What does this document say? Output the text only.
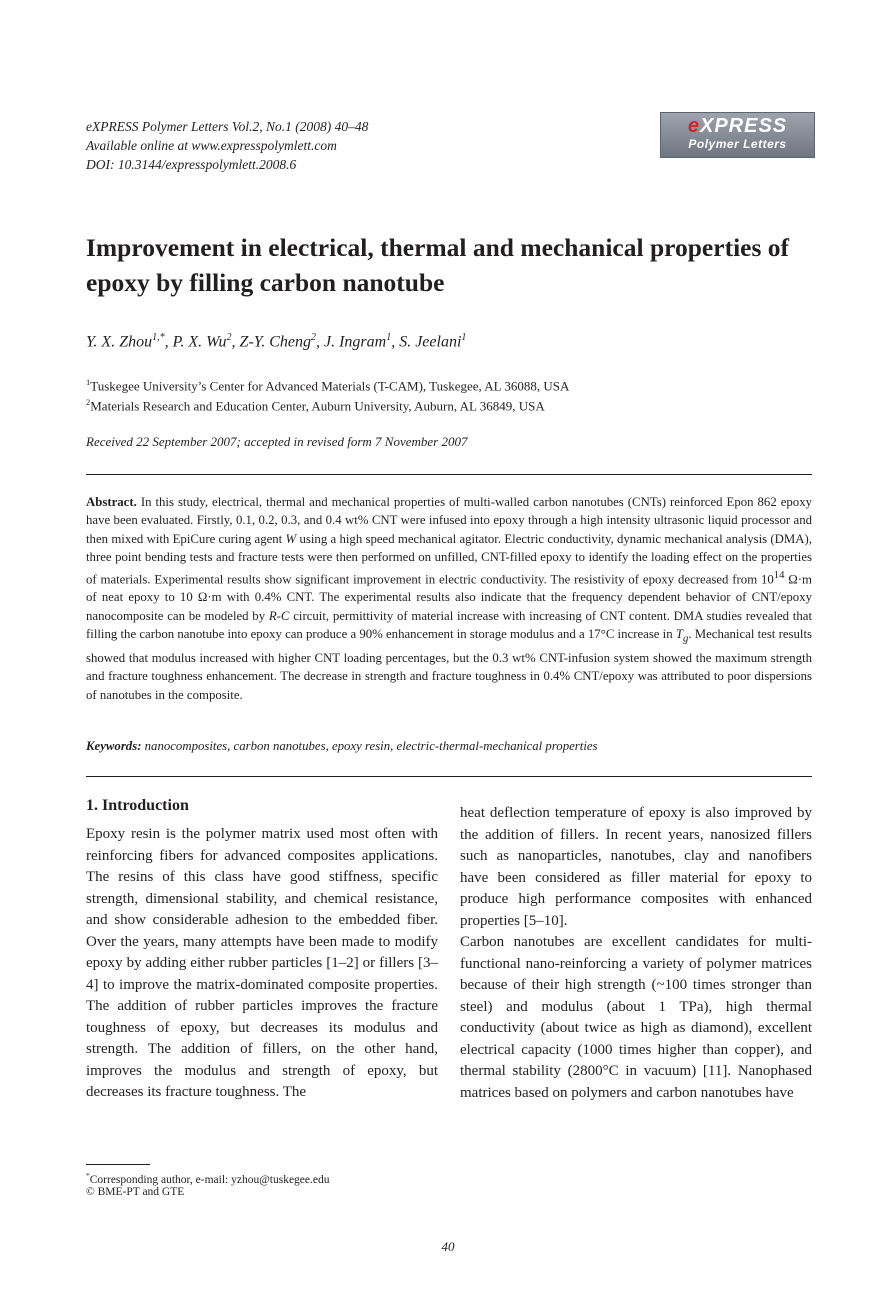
eXPRESS Polymer Letters Vol.2, No.1 (2008) 40–48
Available online at www.expresspolymlett.com
DOI: 10.3144/expresspolymlett.2008.6
eXPRESS
Polymer Letters
Improvement in electrical, thermal and mechanical properties of epoxy by filling carbon nanotube
Y. X. Zhou$^{1,*}$, P. X. Wu$^2$, Z-Y. Cheng$^2$, J. Ingram$^1$, S. Jeelani$^1$
$^1$Tuskegee University’s Center for Advanced Materials (T-CAM), Tuskegee, AL 36088, USA
$^2$Materials Research and Education Center, Auburn University, Auburn, AL 36849, USA
Received 22 September 2007; accepted in revised form 7 November 2007

Abstract. In this study, electrical, thermal and mechanical properties of multi-walled carbon nanotubes (CNTs) reinforced Epon 862 epoxy have been evaluated. Firstly, 0.1, 0.2, 0.3, and 0.4 wt% CNT were infused into epoxy through a high intensity ultrasonic liquid processor and then mixed with EpiCure curing agent W using a high speed mechanical agitator. Electric conductivity, dynamic mechanical analysis (DMA), three point bending tests and fracture tests were then performed on unfilled, CNT-filled epoxy to identify the loading effect on the properties of materials. Experimental results show significant improvement in electric conductivity. The resistivity of epoxy decreased from $10^{14}$ Ω·m of neat epoxy to 10 Ω·m with 0.4% CNT. The experimental results also indicate that the frequency dependent behavior of CNT/epoxy nanocomposite can be modeled by R-C circuit, permittivity of material increase with increasing of CNT content. DMA studies revealed that filling the carbon nanotube into epoxy can produce a 90% enhancement in storage modulus and a 17°C increase in $T_g$. Mechanical test results showed that modulus increased with higher CNT loading percentages, but the 0.3 wt% CNT-infusion system showed the maximum strength and fracture toughness enhancement. The decrease in strength and fracture toughness in 0.4% CNT/epoxy was attributed to poor dispersions of nanotubes in the composite.

Keywords: nanocomposites, carbon nanotubes, epoxy resin, electric-thermal-mechanical properties
1. Introduction

Epoxy resin is the polymer matrix used most often with reinforcing fibers for advanced composites applications. The resins of this class have good stiffness, specific strength, dimensional stability, and chemical resistance, and show considerable adhesion to the embedded fiber. Over the years, many attempts have been made to modify epoxy by adding either rubber particles [1–2] or fillers [3–4] to improve the matrix-dominated composite properties. The addition of rubber particles improves the fracture toughness of epoxy, but decreases its modulus and strength. The addition of fillers, on the other hand, improves the modulus and strength of epoxy, but decreases its fracture toughness. The

heat deflection temperature of epoxy is also improved by the addition of fillers. In recent years, nanosized fillers such as nanoparticles, nanotubes, clay and nanofibers have been considered as filler material for epoxy to produce high performance composites with enhanced properties [5–10].
Carbon nanotubes are excellent candidates for multi-functional nano-reinforcing a variety of polymer matrices because of their high strength (~100 times stronger than steel) and modulus (about 1 TPa), high thermal conductivity (about twice as high as diamond), excellent electrical capacity (1000 times higher than copper), and thermal stability (2800°C in vacuum) [11]. Nanophased matrices based on polymers and carbon nanotubes have
*Corresponding author, e-mail: yzhou@tuskegee.edu
© BME-PT and GTE
40
